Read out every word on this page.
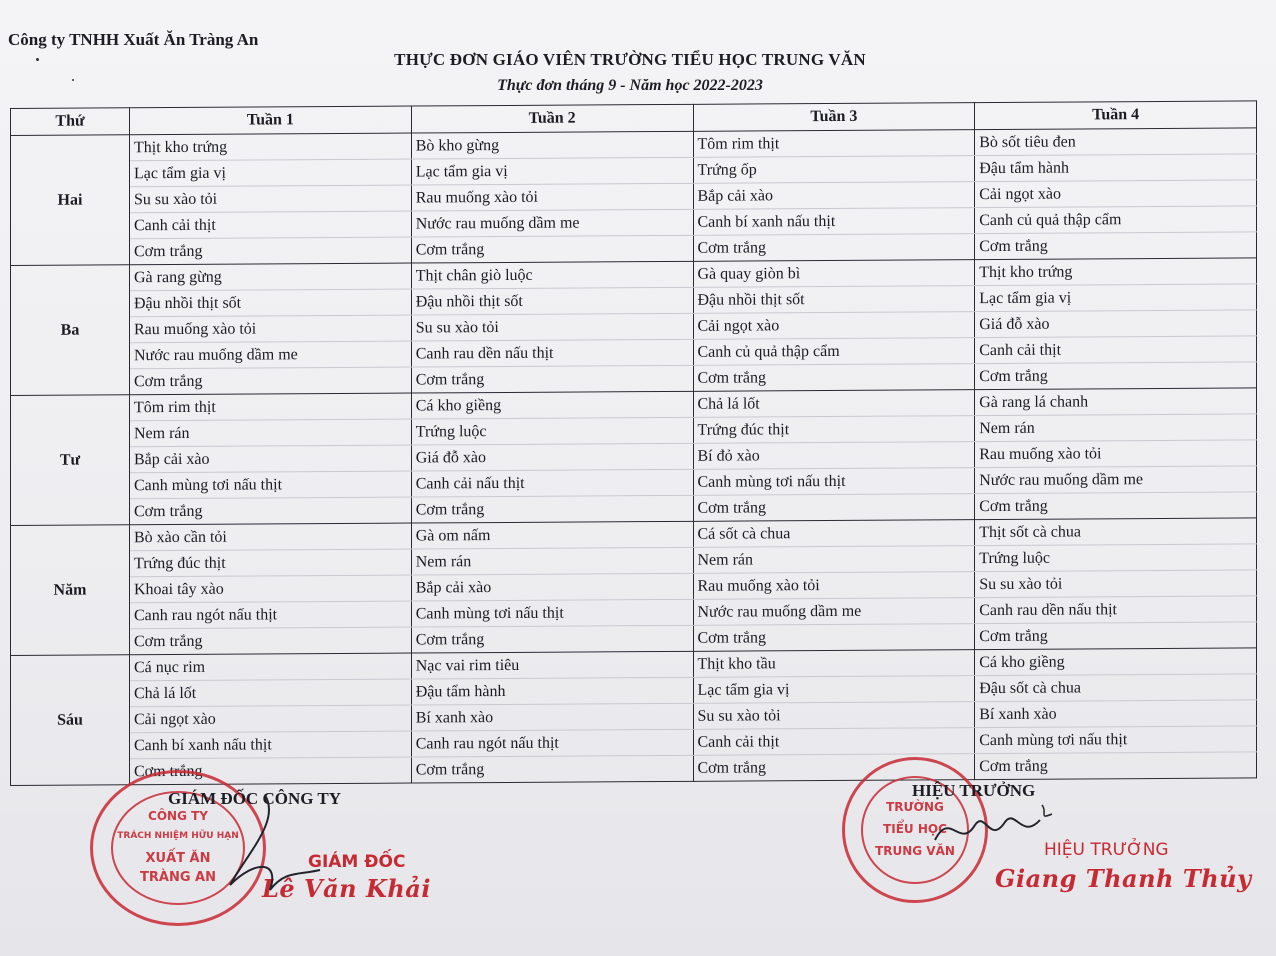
Công ty TNHH Xuất Ăn Tràng An
THỰC ĐƠN GIÁO VIÊN TRƯỜNG TIỂU HỌC TRUNG VĂN
Thực đơn tháng 9 - Năm học 2022-2023
Thứ	Tuần 1	Tuần 2	Tuần 3	Tuần 4
Hai	Thịt kho trứng	Bò kho gừng	Tôm rim thịt	Bò sốt tiêu đen
	Lạc tẩm gia vị	Lạc tẩm gia vị	Trứng ốp	Đậu tẩm hành
	Su su xào tỏi	Rau muống xào tỏi	Bắp cải xào	Cải ngọt xào
	Canh cải thịt	Nước rau muống dầm me	Canh bí xanh nấu thịt	Canh củ quả thập cẩm
	Cơm trắng	Cơm trắng	Cơm trắng	Cơm trắng
Ba	Gà rang gừng	Thịt chân giò luộc	Gà quay giòn bì	Thịt kho trứng
	Đậu nhồi thịt sốt	Đậu nhồi thịt sốt	Đậu nhồi thịt sốt	Lạc tẩm gia vị
	Rau muống xào tỏi	Su su xào tỏi	Cải ngọt xào	Giá đỗ xào
	Nước rau muống dầm me	Canh rau dền nấu thịt	Canh củ quả thập cẩm	Canh cải thịt
	Cơm trắng	Cơm trắng	Cơm trắng	Cơm trắng
Tư	Tôm rim thịt	Cá kho giềng	Chả lá lốt	Gà rang lá chanh
	Nem rán	Trứng luộc	Trứng đúc thịt	Nem rán
	Bắp cải xào	Giá đỗ xào	Bí đỏ xào	Rau muống xào tỏi
	Canh mùng tơi nấu thịt	Canh cải nấu thịt	Canh mùng tơi nấu thịt	Nước rau muống dầm me
	Cơm trắng	Cơm trắng	Cơm trắng	Cơm trắng
Năm	Bò xào cần tỏi	Gà om nấm	Cá sốt cà chua	Thịt sốt cà chua
	Trứng đúc thịt	Nem rán	Nem rán	Trứng luộc
	Khoai tây xào	Bắp cải xào	Rau muống xào tỏi	Su su xào tỏi
	Canh rau ngót nấu thịt	Canh mùng tơi nấu thịt	Nước rau muống dầm me	Canh rau dền nấu thịt
	Cơm trắng	Cơm trắng	Cơm trắng	Cơm trắng
Sáu	Cá nục rim	Nạc vai rim tiêu	Thịt kho tầu	Cá kho giềng
	Chả lá lốt	Đậu tẩm hành	Lạc tẩm gia vị	Đậu sốt cà chua
	Cải ngọt xào	Bí xanh xào	Su su xào tỏi	Bí xanh xào
	Canh bí xanh nấu thịt	Canh rau ngót nấu thịt	Canh cải thịt	Canh mùng tơi nấu thịt
	Cơm trắng	Cơm trắng	Cơm trắng	Cơm trắng
CÔNG TY
TRÁCH NHIỆM HỮU HẠN
XUẤT ĂN
TRÀNG AN
GIÁM ĐỐC CÔNG TY
GIÁM ĐỐC
Lê Văn Khải
TRƯỜNG
TIỂU HỌC
TRUNG VĂN
HIỆU TRƯỞNG
HIỆU TRƯỞNG
Giang Thanh Thủy
